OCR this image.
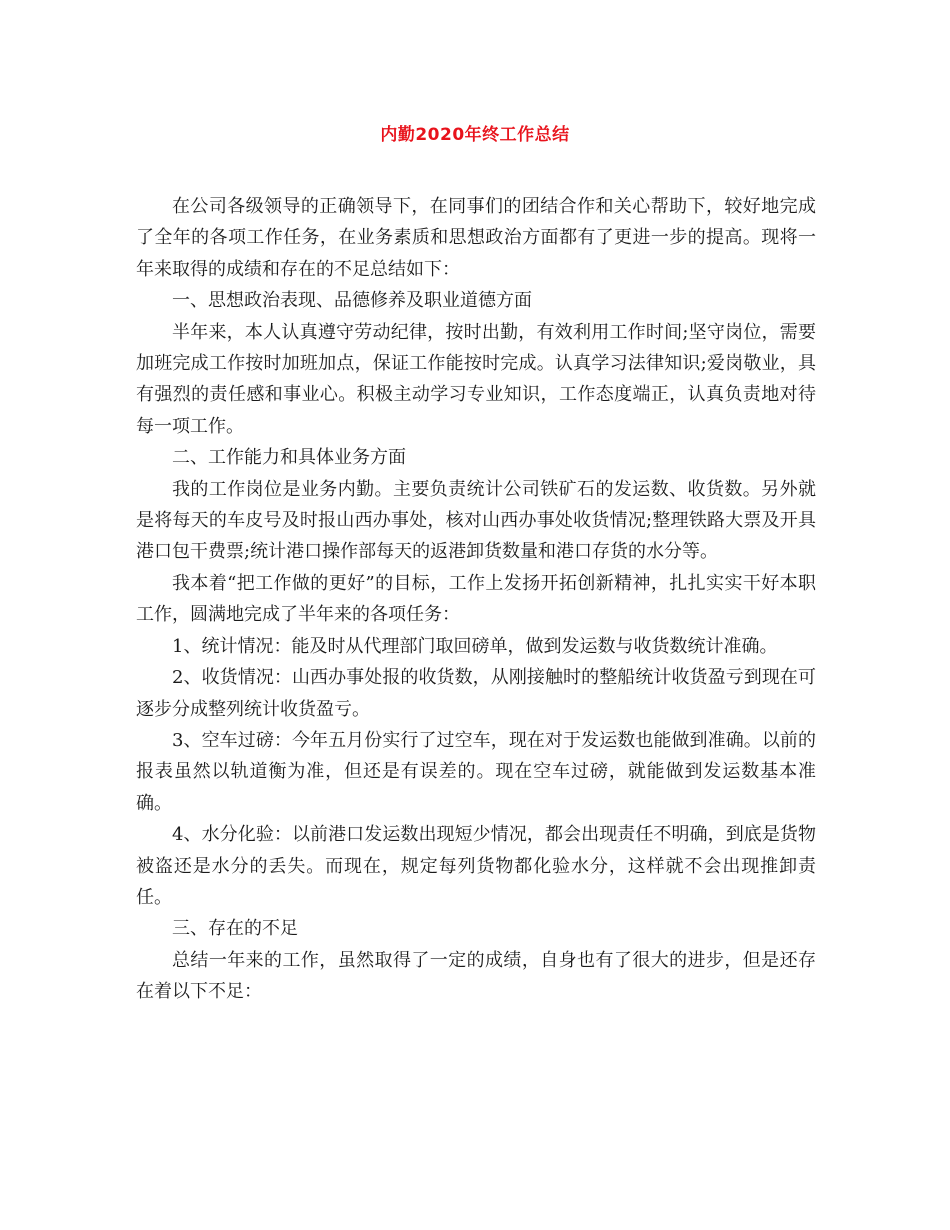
内勤2020年终工作总结

在公司各级领导的正确领导下，在同事们的团结合作和关心帮助下，较好地完成了全年的各项工作任务，在业务素质和思想政治方面都有了更进一步的提高。现将一年来取得的成绩和存在的不足总结如下：

一、思想政治表现、品德修养及职业道德方面

半年来，本人认真遵守劳动纪律，按时出勤，有效利用工作时间;坚守岗位，需要加班完成工作按时加班加点，保证工作能按时完成。认真学习法律知识;爱岗敬业，具有强烈的责任感和事业心。积极主动学习专业知识，工作态度端正，认真负责地对待每一项工作。

二、工作能力和具体业务方面

我的工作岗位是业务内勤。主要负责统计公司铁矿石的发运数、收货数。另外就是将每天的车皮号及时报山西办事处，核对山西办事处收货情况;整理铁路大票及开具港口包干费票;统计港口操作部每天的返港卸货数量和港口存货的水分等。

我本着“把工作做的更好”的目标，工作上发扬开拓创新精神，扎扎实实干好本职工作，圆满地完成了半年来的各项任务：

1、统计情况：能及时从代理部门取回磅单，做到发运数与收货数统计准确。

2、收货情况：山西办事处报的收货数，从刚接触时的整船统计收货盈亏到现在可逐步分成整列统计收货盈亏。

3、空车过磅：今年五月份实行了过空车，现在对于发运数也能做到准确。以前的报表虽然以轨道衡为准，但还是有误差的。现在空车过磅，就能做到发运数基本准确。

4、水分化验：以前港口发运数出现短少情况，都会出现责任不明确，到底是货物被盗还是水分的丢失。而现在，规定每列货物都化验水分，这样就不会出现推卸责任。

三、存在的不足

总结一年来的工作，虽然取得了一定的成绩，自身也有了很大的进步，但是还存在着以下不足：
